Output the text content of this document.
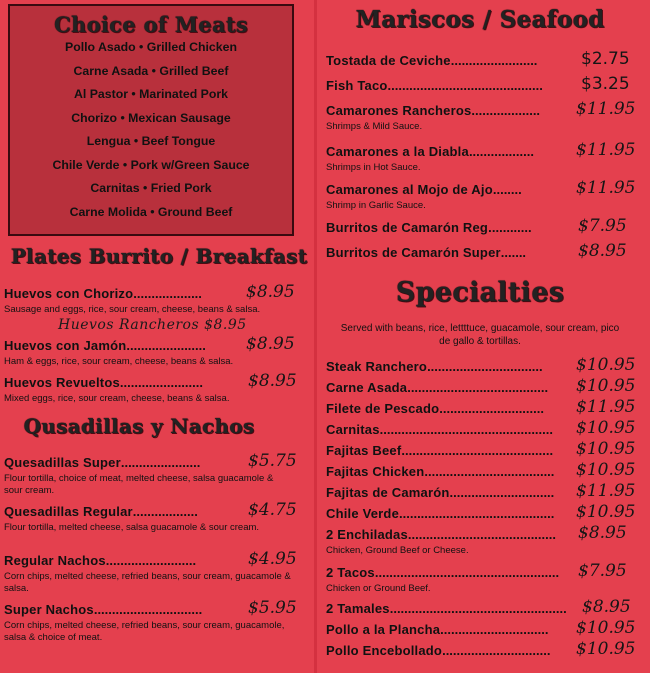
Choice of Meats
Pollo Asado • Grilled Chicken
Carne Asada • Grilled Beef
Al Pastor • Marinated Pork
Chorizo • Mexican Sausage
Lengua • Beef Tongue
Chile Verde • Pork w/Green Sauce
Carnitas • Fried Pork
Carne Molida • Ground Beef
Plates Burrito / Breakfast
Huevos con Chorizo...................	$8.95
Sausage and eggs, rice, sour cream, cheese, beans & salsa.
Huevos Rancheros $8.95
Huevos con Jamón...................... $8.95
Ham & eggs, rice, sour cream, cheese, beans & salsa.
Huevos Revueltos.......................	$8.95
Mixed eggs, rice, sour cream, cheese, beans & salsa.
Qusadillas y Nachos
Quesadillas Super......................	$5.75
Flour tortilla, choice of meat, melted cheese, salsa guacamole & sour cream.
Quesadillas Regular..................	$4.75
Flour tortilla, melted cheese, salsa guacamole & sour cream.
Regular Nachos.........................	$4.95
Corn chips, melted cheese, refried beans, sour cream, guacamole & salsa.
Super Nachos..............................	$5.95
Corn chips, melted cheese, refried beans, sour cream, guacamole, salsa & choice of meat.
Mariscos / Seafood
Tostada de Ceviche........................	$2.75
Fish Taco........................................... $3.25
Camarones Rancheros................... $11.95
Shrimps & Mild Sauce.
Camarones a la Diabla.................. $11.95
Shrimps in Hot Sauce.
Camarones al Mojo de Ajo........	$11.95
Shrimp in Garlic Sauce.
Burritos de Camarón Reg............	$7.95
Burritos de Camarón Super.......	$8.95
Specialties
Served with beans, rice, lettttuce, guacamole, sour cream, pico de gallo & tortillas.
Steak Ranchero................................ $10.95
Carne Asada....................................... $10.95
Filete de Pescado............................. $11.95
Carnitas................................................ $10.95
Fajitas Beef.......................................... $10.95
Fajitas Chicken.................................... $10.95
Fajitas de Camarón............................. $11.95
Chile Verde........................................... $10.95
2 Enchiladas......................................... $8.95
Chicken, Ground Beef or Cheese.
2 Tacos................................................... $7.95
Chicken or Ground Beef.
2 Tamales................................................. $8.95
Pollo a la Plancha.............................. $10.95
Pollo Encebollado.............................. $10.95
